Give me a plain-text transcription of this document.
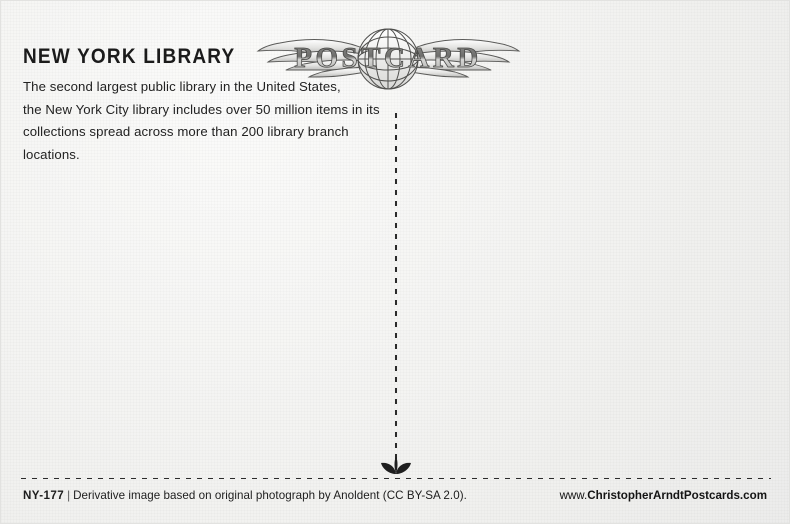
NEW YORK LIBRARY

The second largest public library in the United States,
the New York City library includes over 50 million items in its
collections spread across more than 200 library branch locations.

POSTCARD
NY-177 | Derivative image based on original photograph by Anoldent (CC BY-SA 2.0).	www.ChristopherArndtPostcards.com
